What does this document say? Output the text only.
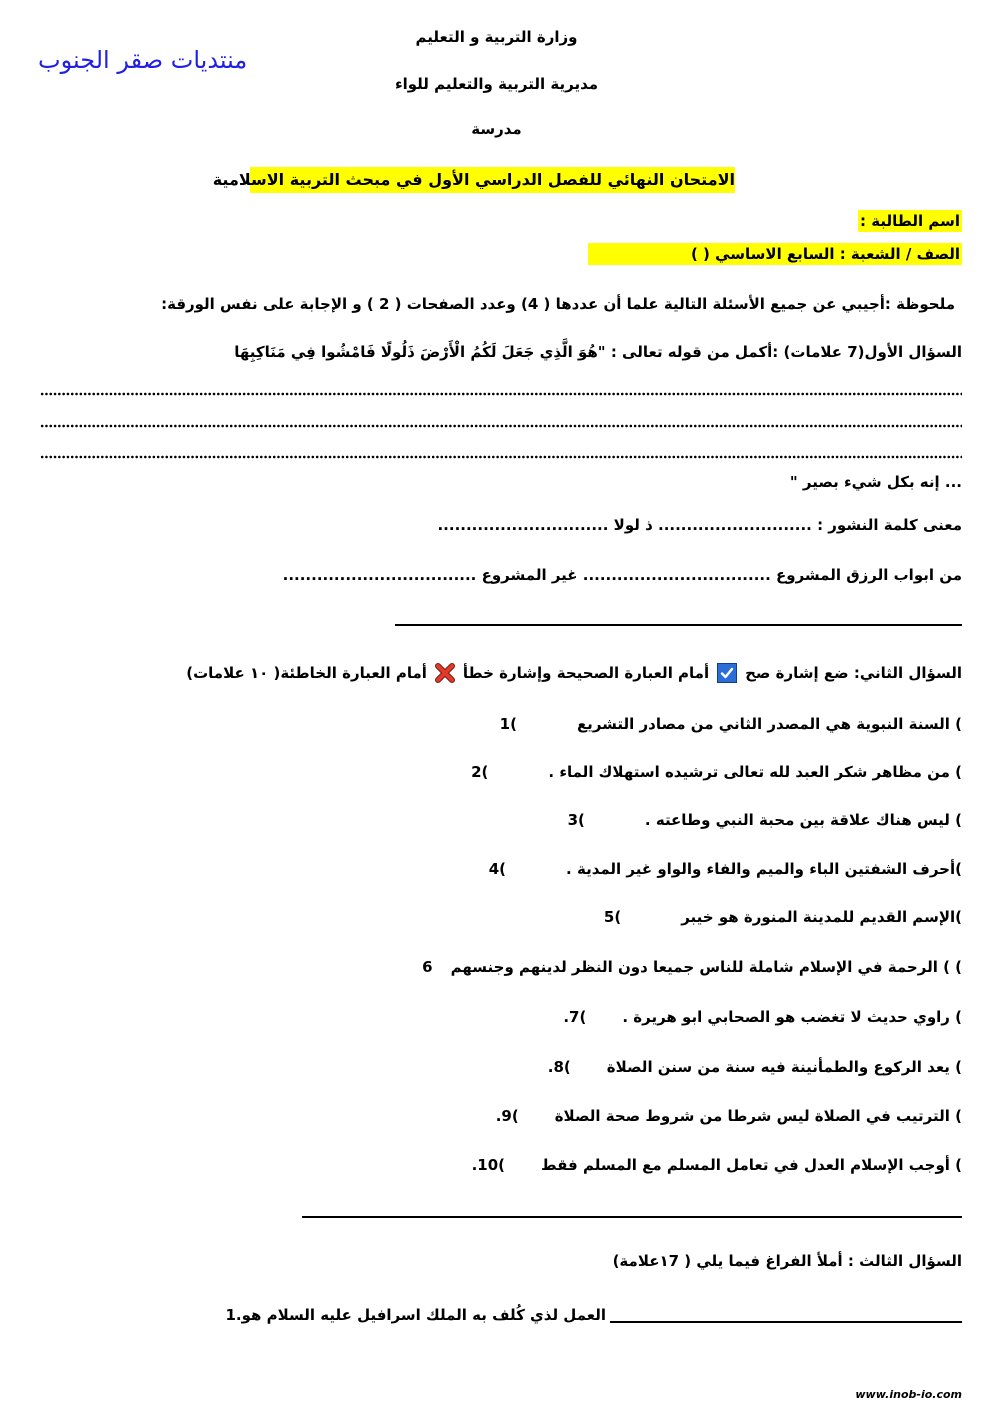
وزارة التربية و التعليم
منتديات صقر الجنوب
مديرية التربية والتعليم للواء
مدرسة
الامتحان النهائي للفصل الدراسي الأول في مبحث التربية الاسلامية
اسم الطالبة :
الصف / الشعبة : السابع الاساسي ( )
ملحوظة :أجيبي عن جميع الأسئلة التالية علما أن عددها ( 4) وعدد الصفحات ( 2 ) و الإجابة على نفس الورقة:
السؤال الأول(7 علامات) :أكمل من قوله تعالى : "هُوَ الَّذِي جَعَلَ لَكُمُ الْأَرْضَ ذَلُولًا فَامْشُوا فِي مَنَاكِبِهَا
... إنه بكل شيء بصير "
معنى كلمة النشور : ........................... ذ لولا ..............................
من ابواب الرزق المشروع ................................. غير المشروع ..................................
السؤال الثاني: ضع إشارة صح
أمام العبارة الصحيحة وإشارة خطأ
أمام العبارة الخاطئة( ١٠ علامات)
1(	) السنة النبوية هي المصدر الثاني من مصادر التشريع
2(	) من مظاهر شكر العبد لله تعالى ترشيده استهلاك الماء .
3(	) ليس هناك علاقة بين محبة النبي وطاعته .
4(	)أحرف الشفتين الباء والميم والفاء والواو غير المدية .
5(	)الإسم القديم للمدينة المنورة هو خيبر
6 ) ) الرحمة في الإسلام شاملة للناس جميعا دون النظر لدينهم وجنسهم
.7( ) راوي حديث لا تغضب هو الصحابي ابو هريرة .
.8( ) يعد الركوع والطمأنينة فيه سنة من سنن الصلاة
.9( ) الترتيب في الصلاة ليس شرطا من شروط صحة الصلاة
.10( ) أوجب الإسلام العدل في تعامل المسلم مع المسلم فقط
السؤال الثالث : أملأ الفراغ فيما يلي ( ١7علامة)
1. العمل لذي كُلف به الملك اسرافيل عليه السلام هو
www.inob-io.com
